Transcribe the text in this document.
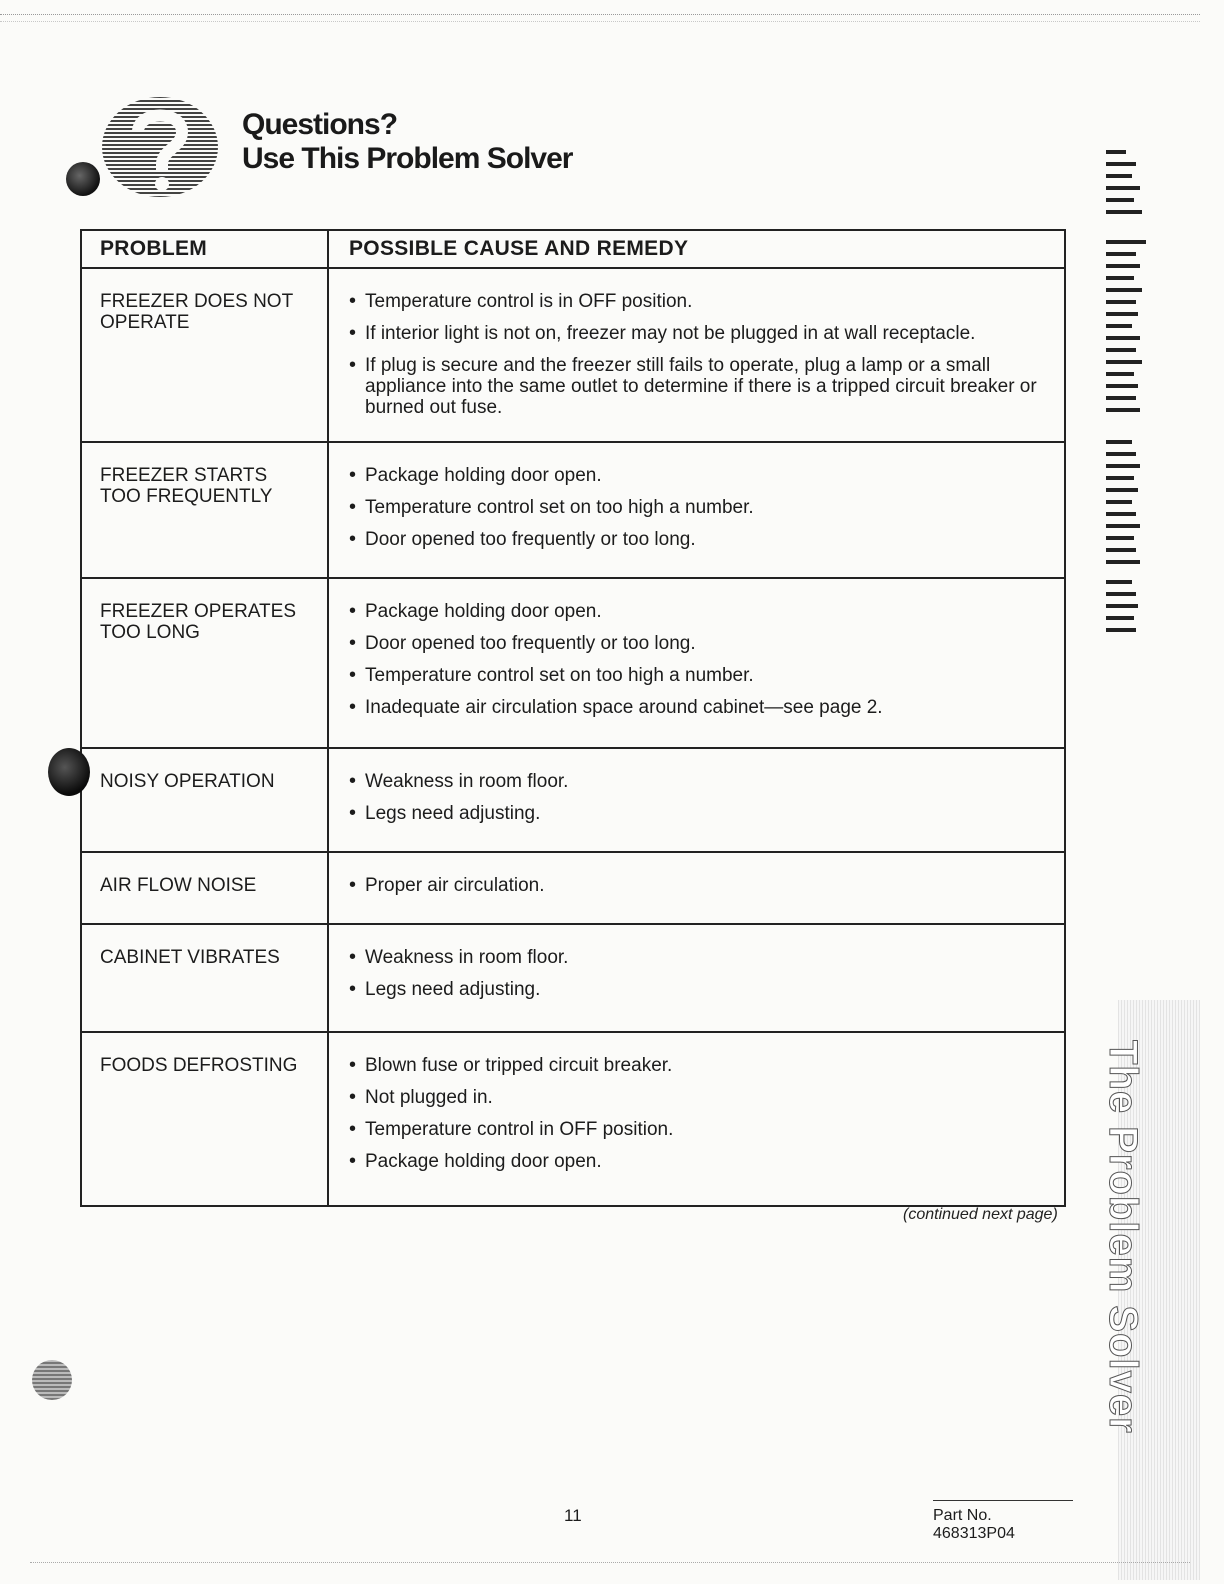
Questions?
Use This Problem Solver
PROBLEM	POSSIBLE CAUSE AND REMEDY
FREEZER DOES NOT OPERATE
• Temperature control is in OFF position.
• If interior light is not on, freezer may not be plugged in at wall receptacle.
• If plug is secure and the freezer still fails to operate, plug a lamp or a small appliance into the same outlet to determine if there is a tripped circuit breaker or burned out fuse.
FREEZER STARTS TOO FREQUENTLY
• Package holding door open.
• Temperature control set on too high a number.
• Door opened too frequently or too long.
FREEZER OPERATES TOO LONG
• Package holding door open.
• Door opened too frequently or too long.
• Temperature control set on too high a number.
• Inadequate air circulation space around cabinet—see page 2.
NOISY OPERATION	• Weakness in room floor.
• Legs need adjusting.
AIR FLOW NOISE	• Proper air circulation.
CABINET VIBRATES	• Weakness in room floor.
• Legs need adjusting.
FOODS DEFROSTING	• Blown fuse or tripped circuit breaker.
• Not plugged in.
• Temperature control in OFF position.
• Package holding door open.
(continued next page)
11	Part No. 468313P04
The Problem Solver
